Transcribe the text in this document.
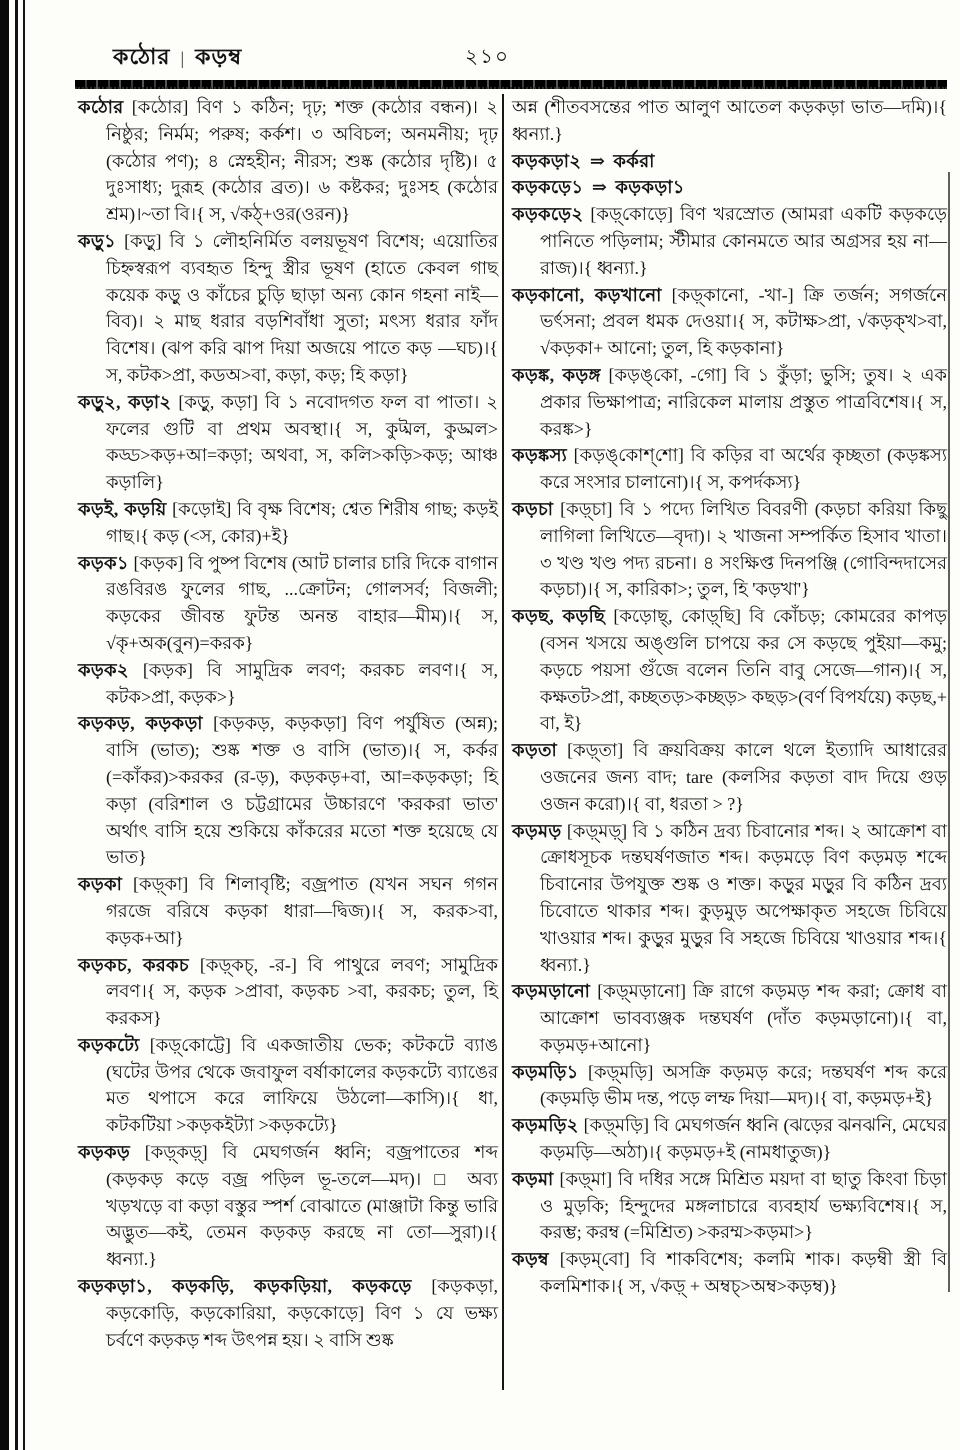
কঠোর | কড়ম্ব	২১০

কঠোর [কঠোর] বিণ ১ কঠিন; দৃঢ়; শক্ত (কঠোর বন্ধন)। ২ নিষ্ঠুর; নির্মম; পরুষ; কর্কশ। ৩ অবিচল; অনমনীয়; দৃঢ় (কঠোর পণ); ৪ স্নেহহীন; নীরস; শুষ্ক (কঠোর দৃষ্টি)। ৫ দুঃসাধ্য; দুরূহ (কঠোর ব্রত)। ৬ কষ্টকর; দুঃসহ (কঠোর শ্রম)।~তা বি।{ স, √কঠ্+ওর(ওরন)}

কড়ু১ [কড়ু] বি ১ লৌহনির্মিত বলয়ভূষণ বিশেষ; এয়োতির চিহ্নস্বরূপ ব্যবহৃত হিন্দু স্ত্রীর ভূষণ (হাতে কেবল গাছ কয়েক কড়ু ও কাঁচের চুড়ি ছাড়া অন্য কোন গহনা নাই—বিব)। ২ মাছ ধরার বড়শিবাঁধা সুতা; মৎস্য ধরার ফাঁদ বিশেষ। (ঝপ করি ঝাপ দিয়া অজয়ে পাতে কড় —ঘচ)।{ স, কটক>প্রা, কডঅ>বা, কড়া, কড়; হি কড়া}

কড়ু২, কড়া২ [কড়ু, কড়া] বি ১ নবোদগত ফল বা পাতা। ২ ফলের গুটি বা প্রথম অবস্থা।{ স, কুট্মল, কুড্মল> কড্ড>কড়+আ=কড়া; অথবা, স, কলি>কড়ি>কড়; আঞ্চ কড়ালি}

কড়ই, কড়য়ি [কড়োই] বি বৃক্ষ বিশেষ; শ্বেত শিরীষ গাছ; কড়ই গাছ।{ কড় (<স, কোর)+ই}

কড়ক১ [কড়ক] বি পুষ্প বিশেষ (আট চালার চারি দিকে বাগান রঙবিরঙ ফুলের গাছ, ...ক্রোটন; গোলসর্ব; বিজলী; কড়কের জীবন্ত ফুটন্ত অনন্ত বাহার—মীম)।{ স, √কৃ+অক(বুন)=করক}

কড়ক২ [কড়ক] বি সামুদ্রিক লবণ; করকচ লবণ।{ স, কটক>প্রা, কড়ক>}

কড়কড়, কড়কড়া [কড়কড়, কড়কড়া] বিণ পর্যুষিত (অন্ন); বাসি (ভাত); শুষ্ক শক্ত ও বাসি (ভাত)।{ স, কর্কর (=কাঁকর)>করকর (র-ড়), কড়কড়+বা, আ=কড়কড়া; হি কড়া (বরিশাল ও চট্টগ্রামের উচ্চারণে 'করকরা ভাত' অর্থাৎ বাসি হয়ে শুকিয়ে কাঁকরের মতো শক্ত হয়েছে যে ভাত}

কড়কা [কড়্‌কা] বি শিলাবৃষ্টি; বজ্রপাত (যখন সঘন গগন গরজে বরিষে কড়কা ধারা—দ্বিজ)।{ স, করক>বা, কড়ক+আ}

কড়কচ, করকচ [কড়্‌কচ্, -র-] বি পাথুরে লবণ; সামুদ্রিক লবণ।{ স, কড়ক >প্রাবা, কড়কচ >বা, করকচ; তুল, হি করকস}

কড়কট্যে [কড়্‌কোট্টে] বি একজাতীয় ভেক; কটকটে ব্যাঙ (ঘটের উপর থেকে জবাফুল বর্ষাকালের কড়কট্যে ব্যাঙের মত থপাসে করে লাফিয়ে উঠলো—কাসি)।{ ধা, কটকটিয়া >কড়কইট্যা >কড়কট্যে}

কড়কড় [কড়্‌কড়্] বি মেঘগর্জন ধ্বনি; বজ্রপাতের শব্দ (কড়কড় কড়ে বজ্র পড়িল ভূ-তলে—মদ)। □ অব্য খড়খড়ে বা কড়া বস্তুর স্পর্শ বোঝাতে (মাঞ্জাটা কিন্তু ভারি অদ্ভুত—কই, তেমন কড়কড় করছে না তো—সুরা)।{ ধ্বন্যা.}

কড়কড়া১, কড়কড়ি, কড়কড়িয়া, কড়কড়ে [কড়কড়া, কড়কোড়ি, কড়কোরিয়া, কড়কোড়ে] বিণ ১ যে ভক্ষ্য চর্বণে কড়কড় শব্দ উৎপন্ন হয়। ২ বাসি শুষ্ক

অন্ন (শীতবসন্তের পাত আলুণ আতেল কড়কড়া ভাত—দমি)।{ ধ্বন্যা.}

কড়কড়া২ ⇒ কর্করা

কড়কড়ে১ ⇒ কড়কড়া১

কড়কড়ে২ [কড়্‌কোড়ে] বিণ খরস্রোত (আমরা একটি কড়কড়ে পানিতে পড়িলাম; স্টীমার কোনমতে আর অগ্রসর হয় না—রাজ)।{ ধ্বন্যা.}

কড়কানো, কড়খানো [কড়্‌কানো, -খা-] ক্রি তর্জন; সগর্জনে ভর্ৎসনা; প্রবল ধমক দেওয়া।{ স, কটাক্ষ>প্রা, √কড়ক্খ>বা, √কড়কা+ আনো; তুল, হি কড়কানা}

কড়ঙ্ক, কড়ঙ্গ [কড়ঙ্‌কো, -গো] বি ১ কুঁড়া; ভুসি; তুষ। ২ এক প্রকার ভিক্ষাপাত্র; নারিকেল মালায় প্রস্তুত পাত্রবিশেষ।{ স, করঙ্ক>}

কড়ঙ্কস্য [কড়ঙ্‌কোশ্‌শো] বি কড়ির বা অর্থের কৃচ্ছতা (কড়ঙ্কস্য করে সংসার চালানো)।{ স, কপর্দকস্য}

কড়চা [কড়্‌চা] বি ১ পদ্যে লিখিত বিবরণী (কড়চা করিয়া কিছু লাগিলা লিখিতে—বৃদা)। ২ খাজনা সম্পর্কিত হিসাব খাতা। ৩ খণ্ড খণ্ড পদ্য রচনা। ৪ সংক্ষিপ্ত দিনপঞ্জি (গোবিন্দদাসের কড়চা)।{ স, কারিকা>; তুল, হি 'কড়খা'}

কড়ছ, কড়ছি [কড়োছ্, কোড়্‌ছি] বি কোঁচড়; কোমরের কাপড় (বসন খসয়ে অঙ্গুলি চাপয়ে কর সে কড়ছে পুইয়া—কমু; কড়চে পয়সা গুঁজে বলেন তিনি বাবু সেজে—গান)।{ স, কক্ষতট>প্রা, কচ্ছতড়>কচ্ছড়> কছড়>(বর্ণ বিপর্যয়ে) কড়ছ,+ বা, ই}

কড়তা [কড়্‌তা] বি ক্রয়বিক্রয় কালে থলে ইত্যাদি আধারের ওজনের জন্য বাদ; tare (কলসির কড়তা বাদ দিয়ে গুড় ওজন করো)।{ বা, ধরতা > ?}

কড়মড় [কড়্‌মড়্] বি ১ কঠিন দ্রব্য চিবানোর শব্দ। ২ আক্রোশ বা ক্রোধসূচক দন্তঘর্ষণজাত শব্দ। কড়মড়ে বিণ কড়মড় শব্দে চিবানোর উপযুক্ত শুষ্ক ও শক্ত। কড়ুর মড়ুর বি কঠিন দ্রব্য চিবোতে থাকার শব্দ। কুড়মুড় অপেক্ষাকৃত সহজে চিবিয়ে খাওয়ার শব্দ। কুড়ুর মুড়ুর বি সহজে চিবিয়ে খাওয়ার শব্দ।{ ধ্বন্যা.}

কড়মড়ানো [কড়্‌মড়ানো] ক্রি রাগে কড়মড় শব্দ করা; ক্রোধ বা আক্রোশ ভাবব্যঞ্জক দন্তঘর্ষণ (দাঁত কড়মড়ানো)।{ বা, কড়মড়+আনো}

কড়মড়ি১ [কড়্‌মড়ি] অসক্রি কড়মড় করে; দন্তঘর্ষণ শব্দ করে (কড়মড়ি ভীম দন্ত, পড়ে লম্ফ দিয়া—মদ)।{ বা, কড়মড়+ই}

কড়মড়ি২ [কড়্‌মড়ি] বি মেঘগর্জন ধ্বনি (ঝড়ের ঝনঝনি, মেঘের কড়মড়ি—অঠা)।{ কড়মড়+ই (নামধাতুজ)}

কড়মা [কড়্‌মা] বি দধির সঙ্গে মিশ্রিত ময়দা বা ছাতু কিংবা চিড়া ও মুড়কি; হিন্দুদের মঙ্গলাচারে ব্যবহার্য ভক্ষ্যবিশেষ।{ স, করম্ভ; করম্ব (=মিশ্রিত) >করম্ম>কড়মা>}

কড়ম্ব [কড়ম্‌বো] বি শাকবিশেষ; কলমি শাক। কড়ম্বী স্ত্রী বি কলমিশাক।{ স, √কড়্ + অম্বচ্>অম্ব>কড়ম্ব)}
